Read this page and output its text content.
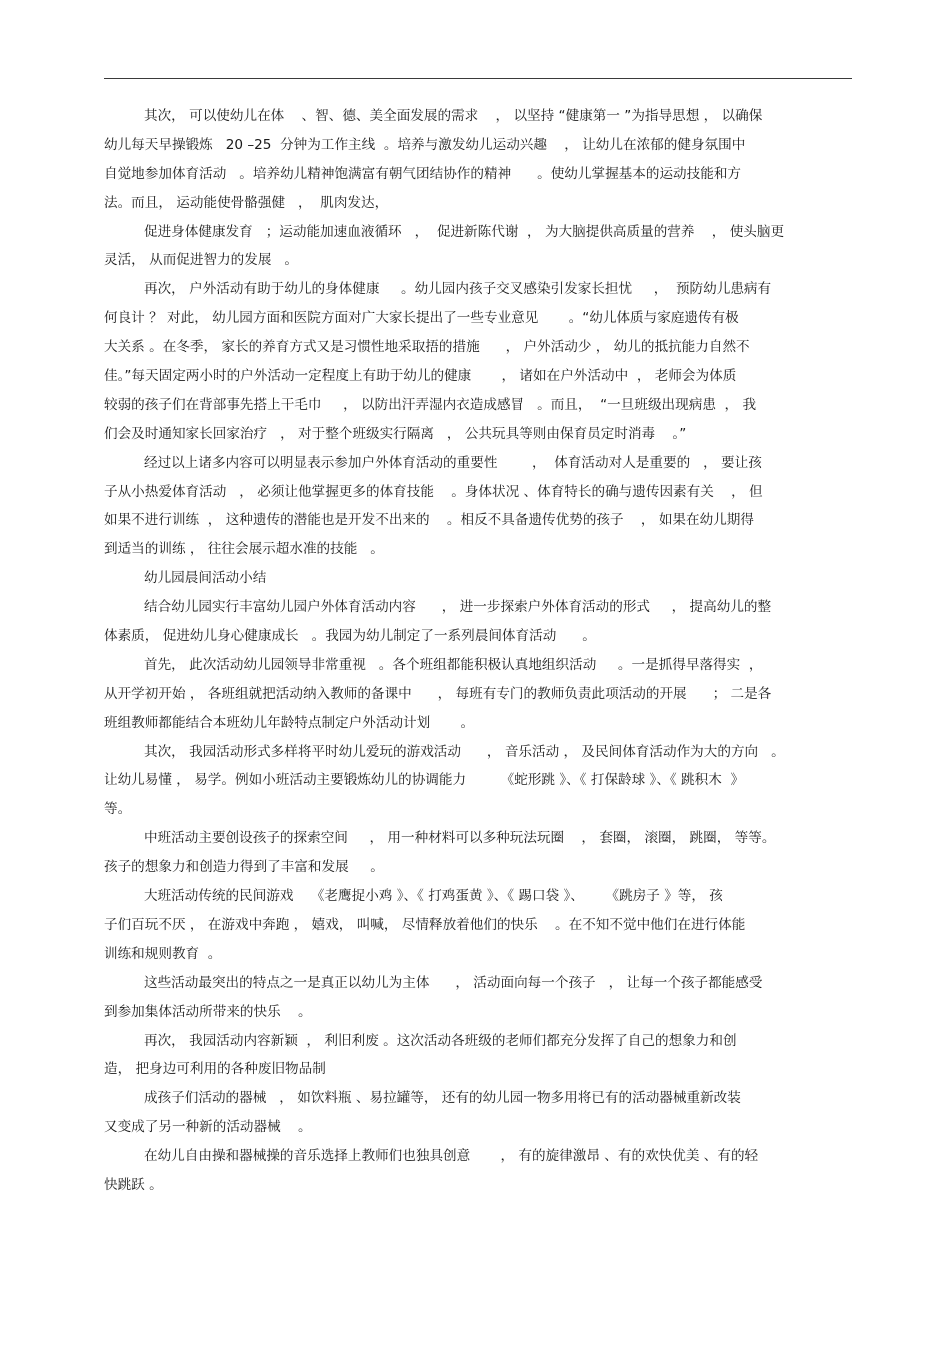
其次， 可以使幼儿在体    、智、德、美全面发展的需求    ， 以坚持 “健康第一 ”为指导思想 ， 以确保
幼儿每天早操锻炼   20 –25  分钟为工作主线  。培养与激发幼儿运动兴趣    ， 让幼儿在浓郁的健身氛围中
自觉地参加体育活动   。培养幼儿精神饱满富有朝气团结协作的精神      。使幼儿掌握基本的运动技能和方
法。而且， 运动能使骨骼强健   ，  肌肉发达，
促进身体健康发育   ；运动能加速血液循环   ，  促进新陈代谢  ， 为大脑提供高质量的营养    ， 使头脑更
灵活， 从而促进智力的发展   。
再次， 户外活动有助于幼儿的身体健康     。幼儿园内孩子交叉感染引发家长担忧     ，  预防幼儿患病有
何良计 ？ 对此， 幼儿园方面和医院方面对广大家长提出了一些专业意见       。“幼儿体质与家庭遗传有极
大关系 。在冬季， 家长的养育方式又是习惯性地采取捂的措施      ， 户外活动少 ， 幼儿的抵抗能力自然不
佳。”每天固定两小时的户外活动一定程度上有助于幼儿的健康       ， 诸如在户外活动中  ， 老师会为体质
较弱的孩子们在背部事先搭上干毛巾     ， 以防出汗弄湿内衣造成感冒   。而且，  “一旦班级出现病患  ， 我
们会及时通知家长回家治疗   ， 对于整个班级实行隔离   ， 公共玩具等则由保育员定时消毒    。”
经过以上诸多内容可以明显表示参加户外体育活动的重要性        ，  体育活动对人是重要的   ， 要让孩
子从小热爱体育活动   ， 必须让他掌握更多的体育技能    。身体状况 、体育特长的确与遗传因素有关    ， 但
如果不进行训练  ， 这种遗传的潜能也是开发不出来的    。相反不具备遗传优势的孩子    ， 如果在幼儿期得
到适当的训练 ， 往往会展示超水准的技能   。
幼儿园晨间活动小结
结合幼儿园实行丰富幼儿园户外体育活动内容      ， 进一步探索户外体育活动的形式     ， 提高幼儿的整
体素质， 促进幼儿身心健康成长   。我园为幼儿制定了一系列晨间体育活动      。
首先， 此次活动幼儿园领导非常重视   。各个班组都能积极认真地组织活动     。一是抓得早落得实  ，
从开学初开始 ， 各班组就把活动纳入教师的备课中      ， 每班有专门的教师负责此项活动的开展      ； 二是各
班组教师都能结合本班幼儿年龄特点制定户外活动计划       。
其次， 我园活动形式多样将平时幼儿爱玩的游戏活动      ， 音乐活动 ， 及民间体育活动作为大的方向   。
让幼儿易懂 ， 易学。例如小班活动主要锻炼幼儿的协调能力        《蛇形跳 》、《 打保龄球 》、《 跳积木  》
等。
中班活动主要创设孩子的探索空间     ， 用一种材料可以多种玩法玩圈    ， 套圈， 滚圈， 跳圈， 等等。
孩子的想象力和创造力得到了丰富和发展     。
大班活动传统的民间游戏    《老鹰捉小鸡 》、《 打鸡蛋黄 》、《 踢口袋 》、     《跳房子 》等， 孩
子们百玩不厌 ， 在游戏中奔跑 ， 嬉戏， 叫喊， 尽情释放着他们的快乐    。在不知不觉中他们在进行体能
训练和规则教育  。
这些活动最突出的特点之一是真正以幼儿为主体      ， 活动面向每一个孩子   ， 让每一个孩子都能感受
到参加集体活动所带来的快乐    。
再次， 我园活动内容新颖  ， 利旧利废 。这次活动各班级的老师们都充分发挥了自己的想象力和创
造， 把身边可利用的各种废旧物品制
成孩子们活动的器械   ， 如饮料瓶 、易拉罐等， 还有的幼儿园一物多用将已有的活动器械重新改装
又变成了另一种新的活动器械    。
在幼儿自由操和器械操的音乐选择上教师们也独具创意       ， 有的旋律激昂 、有的欢快优美 、有的轻
快跳跃 。
